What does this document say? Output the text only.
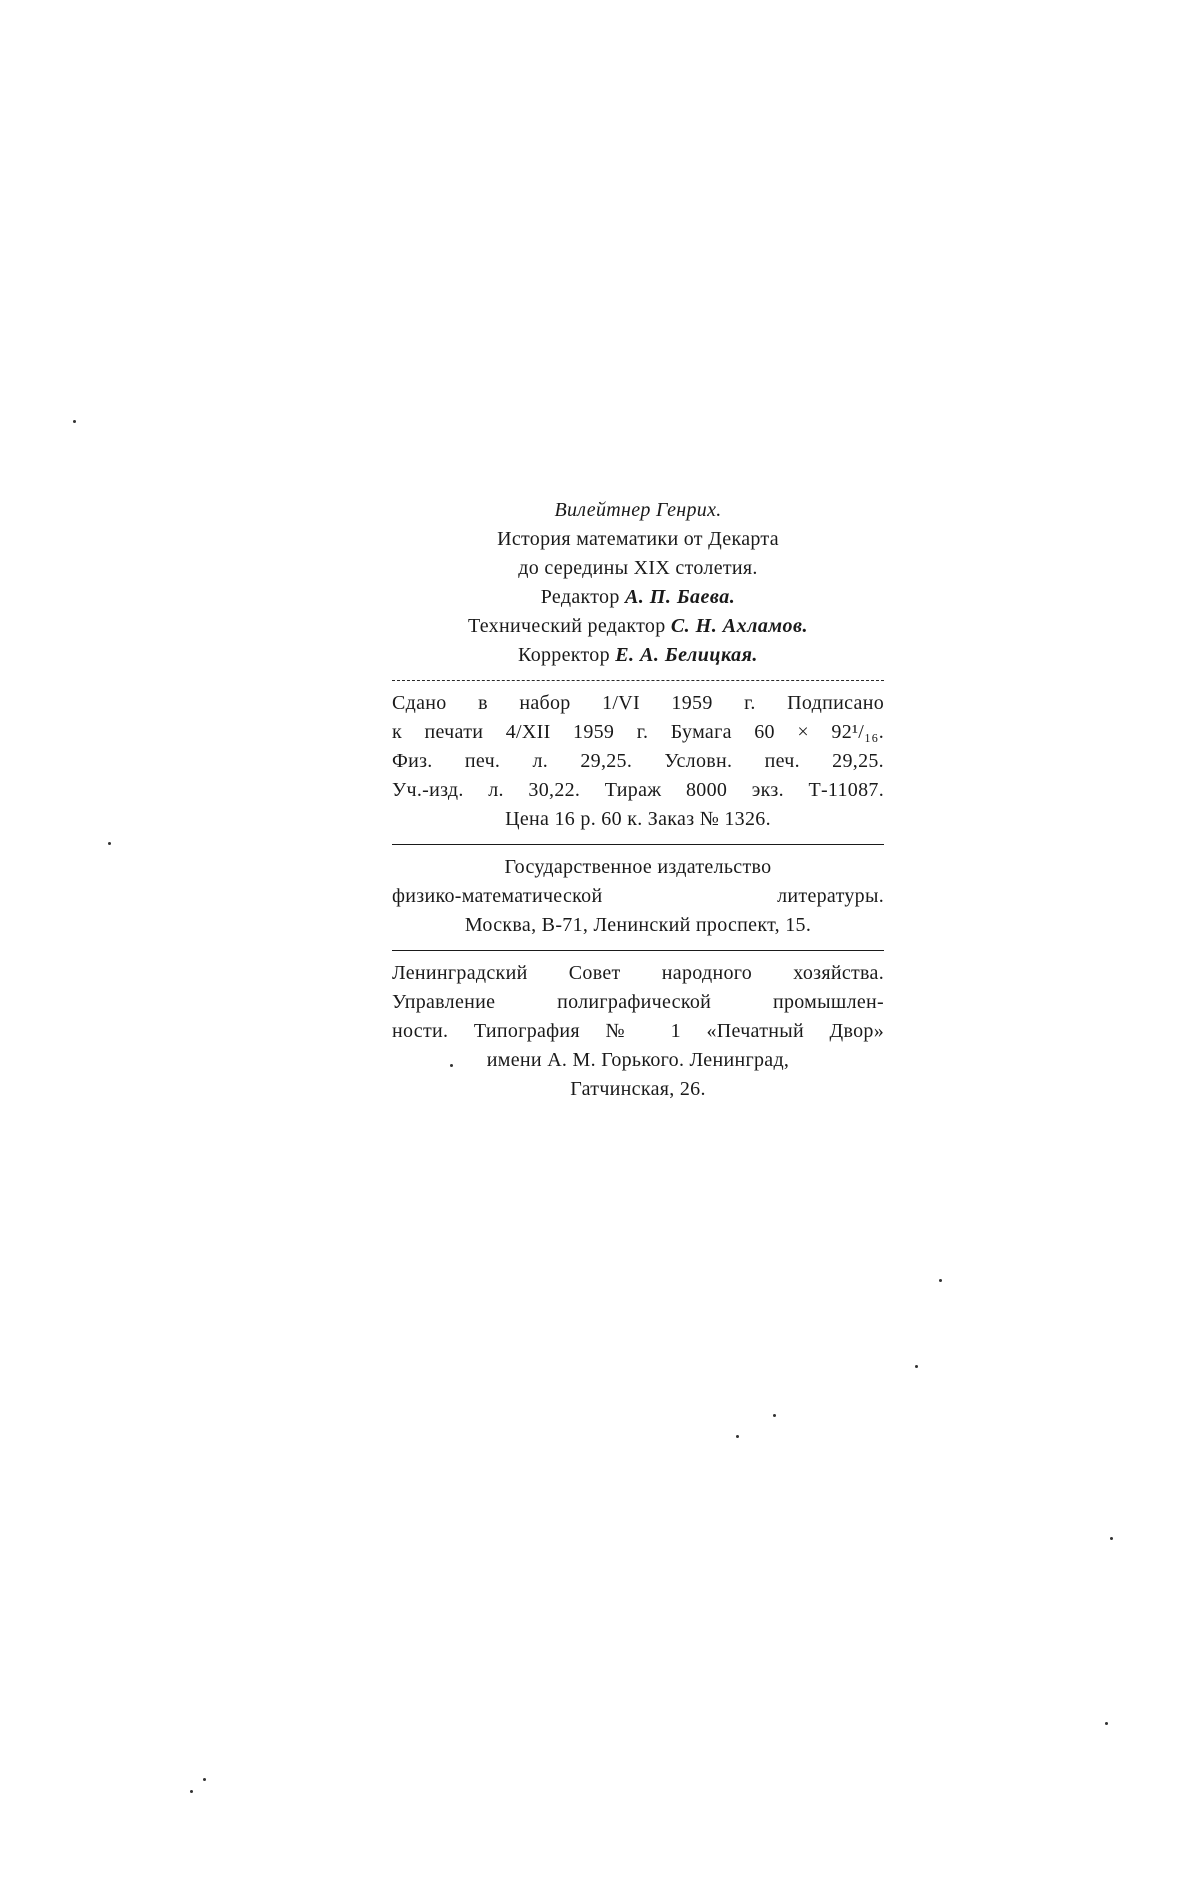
Вилейтнер Генрих.
История математики от Декарта
до середины XIX столетия.
Редактор А. П. Баева.
Технический редактор С. Н. Ахламов.
Корректор Е. А. Белицкая.
Сдано в набор 1/VI 1959 г. Подписано
к печати 4/XII 1959 г. Бумага 60 × 92¹/₁₆.
Физ. печ. л. 29,25. Условн. печ. 29,25.
Уч.-изд. л. 30,22. Тираж 8000 экз. Т-11087.
Цена 16 р. 60 к. Заказ № 1326.
Государственное издательство
физико-математической литературы.
Москва, В-71, Ленинский проспект, 15.
Ленинградский Совет народного хозяйства.
Управление полиграфической промышлен-
ности. Типография № 1 «Печатный Двор»
имени А. М. Горького. Ленинград,
Гатчинская, 26.
